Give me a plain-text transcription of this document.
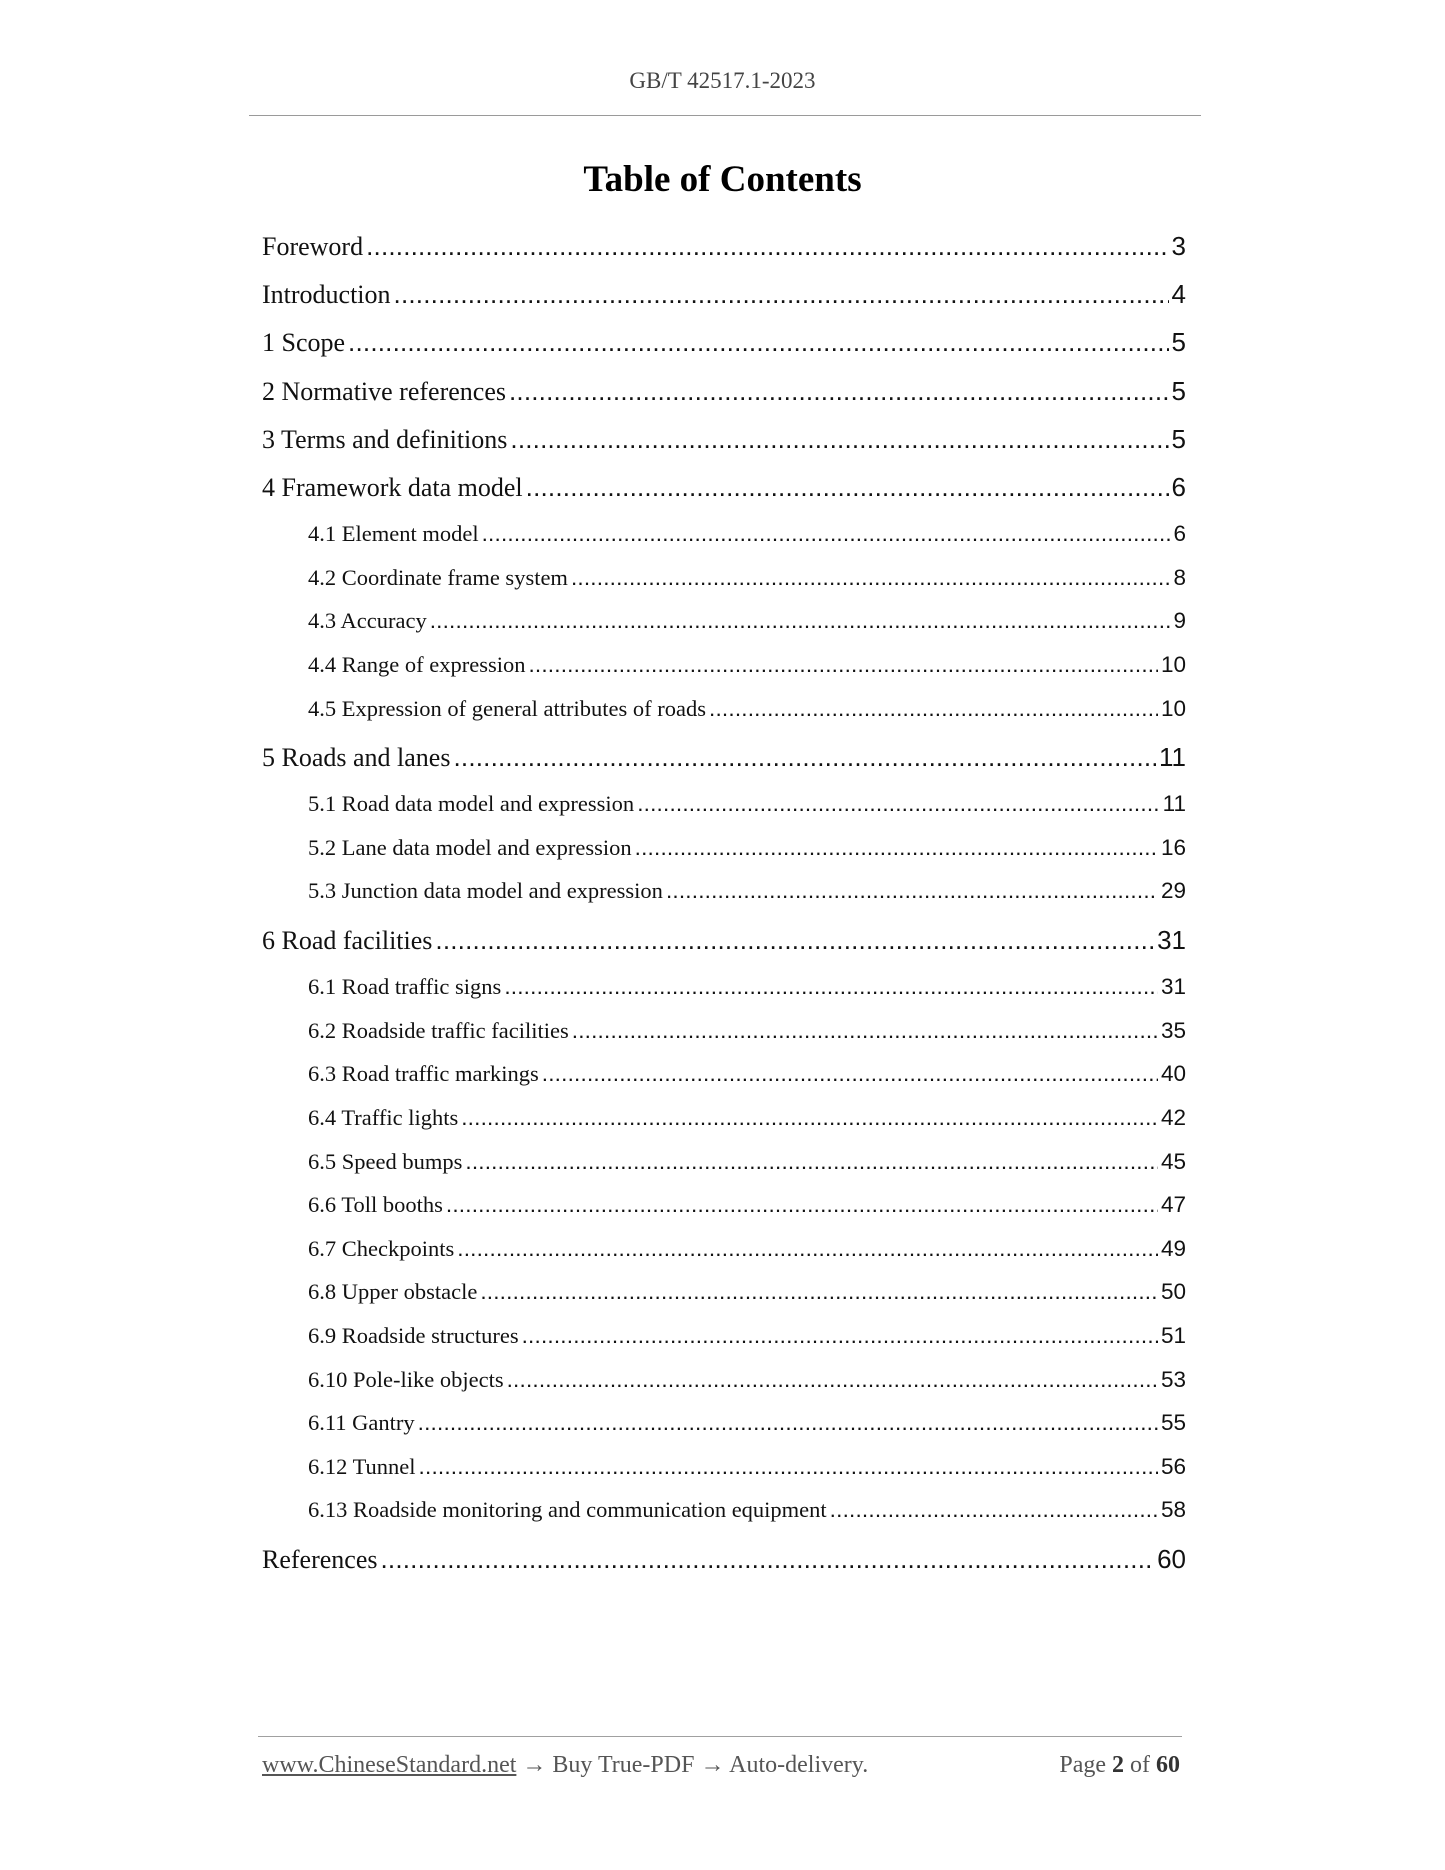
GB/T 42517.1-2023
Table of Contents
Foreword .....	3
Introduction .....	4
1 Scope .....	5
2 Normative references .....	5
3 Terms and definitions .....	5
4 Framework data model .....	6
4.1 Element model .....	6
4.2 Coordinate frame system .....	8
4.3 Accuracy .....	9
4.4 Range of expression .....	10
4.5 Expression of general attributes of roads .....	10
5 Roads and lanes .....	11
5.1 Road data model and expression .....	11
5.2 Lane data model and expression .....	16
5.3 Junction data model and expression .....	29
6 Road facilities .....	31
6.1 Road traffic signs .....	31
6.2 Roadside traffic facilities .....	35
6.3 Road traffic markings .....	40
6.4 Traffic lights .....	42
6.5 Speed bumps .....	45
6.6 Toll booths .....	47
6.7 Checkpoints .....	49
6.8 Upper obstacle .....	50
6.9 Roadside structures .....	51
6.10 Pole-like objects .....	53
6.11 Gantry .....	55
6.12 Tunnel .....	56
6.13 Roadside monitoring and communication equipment .....	58
References .....	60
www.ChineseStandard.net → Buy True-PDF → Auto-delivery.	Page 2 of 60
